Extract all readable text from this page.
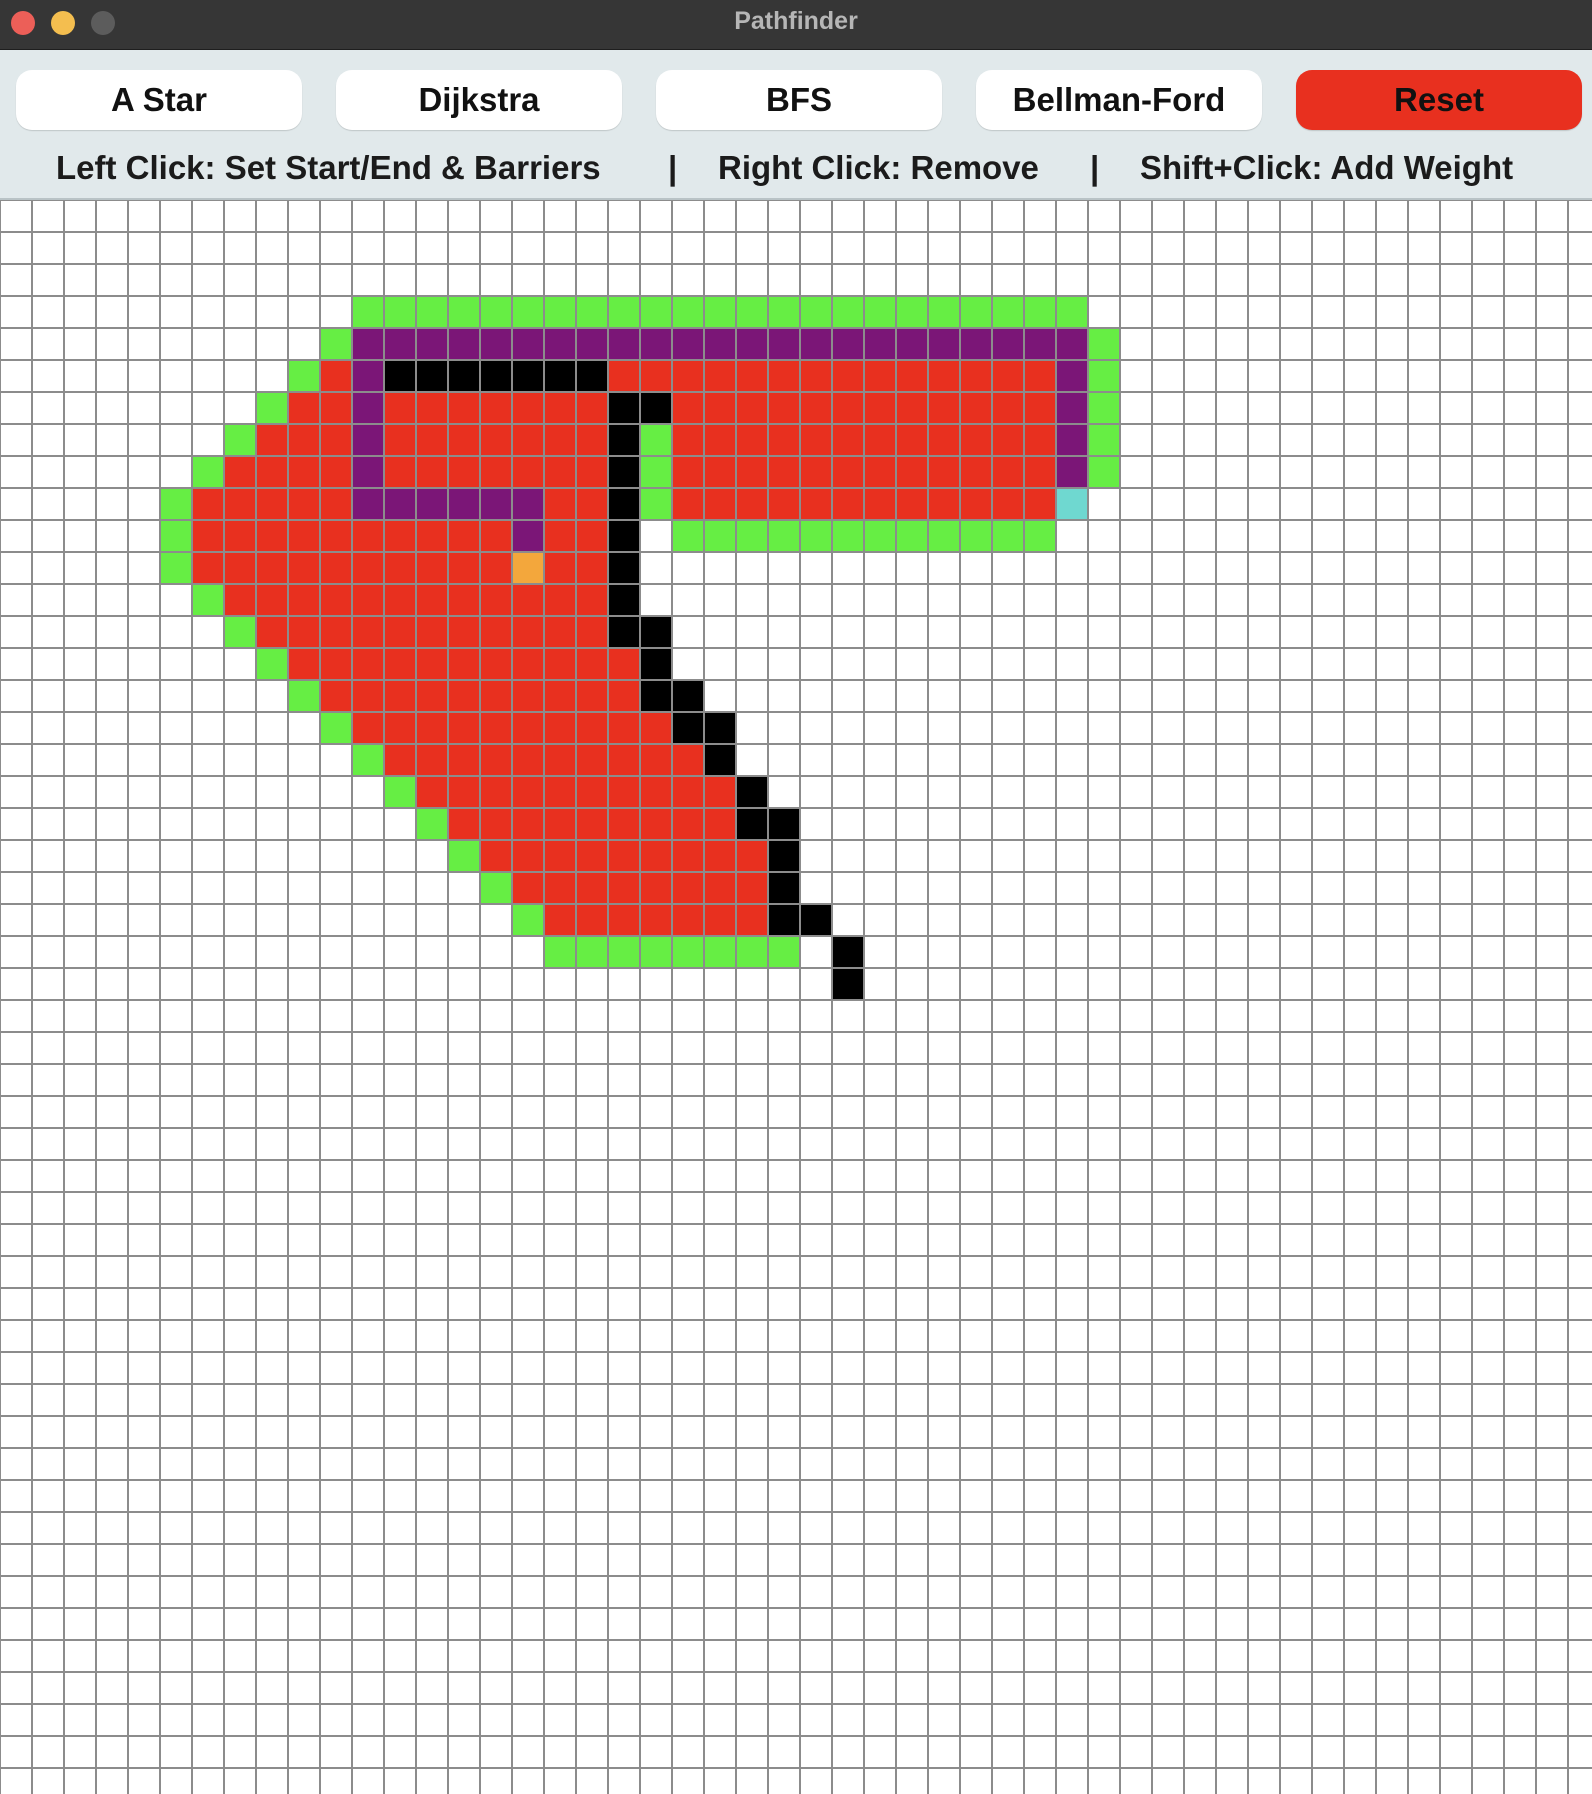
Pathfinder
A Star	Dijkstra	BFS	Bellman-Ford	Reset
Left Click: Set Start/End & Barriers | Right Click: Remove | Shift+Click: Add Weight
